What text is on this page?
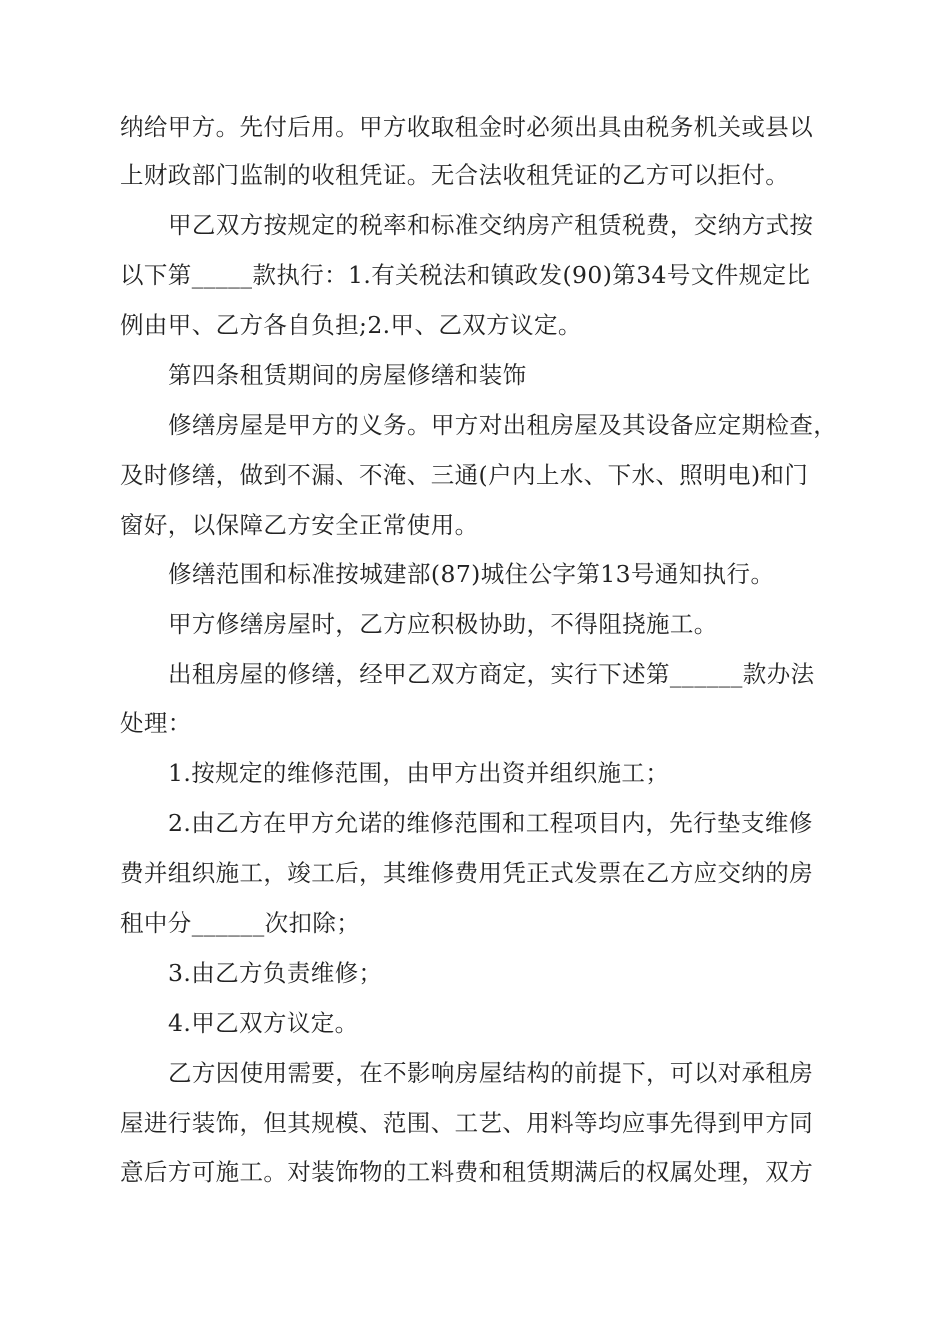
纳给甲方。先付后用。甲方收取租金时必须出具由税务机关或县以
上财政部门监制的收租凭证。无合法收租凭证的乙方可以拒付。
甲乙双方按规定的税率和标准交纳房产租赁税费，交纳方式按
以下第_____款执行：1.有关税法和镇政发(90)第34号文件规定比
例由甲、乙方各自负担;2.甲、乙双方议定。
第四条租赁期间的房屋修缮和装饰
修缮房屋是甲方的义务。甲方对出租房屋及其设备应定期检查，
及时修缮，做到不漏、不淹、三通(户内上水、下水、照明电)和门
窗好，以保障乙方安全正常使用。
修缮范围和标准按城建部(87)城住公字第13号通知执行。
甲方修缮房屋时，乙方应积极协助，不得阻挠施工。
出租房屋的修缮，经甲乙双方商定，实行下述第______款办法
处理：
1.按规定的维修范围，由甲方出资并组织施工；
2.由乙方在甲方允诺的维修范围和工程项目内，先行垫支维修
费并组织施工，竣工后，其维修费用凭正式发票在乙方应交纳的房
租中分______次扣除；
3.由乙方负责维修；
4.甲乙双方议定。
乙方因使用需要，在不影响房屋结构的前提下，可以对承租房
屋进行装饰，但其规模、范围、工艺、用料等均应事先得到甲方同
意后方可施工。对装饰物的工料费和租赁期满后的权属处理，双方
